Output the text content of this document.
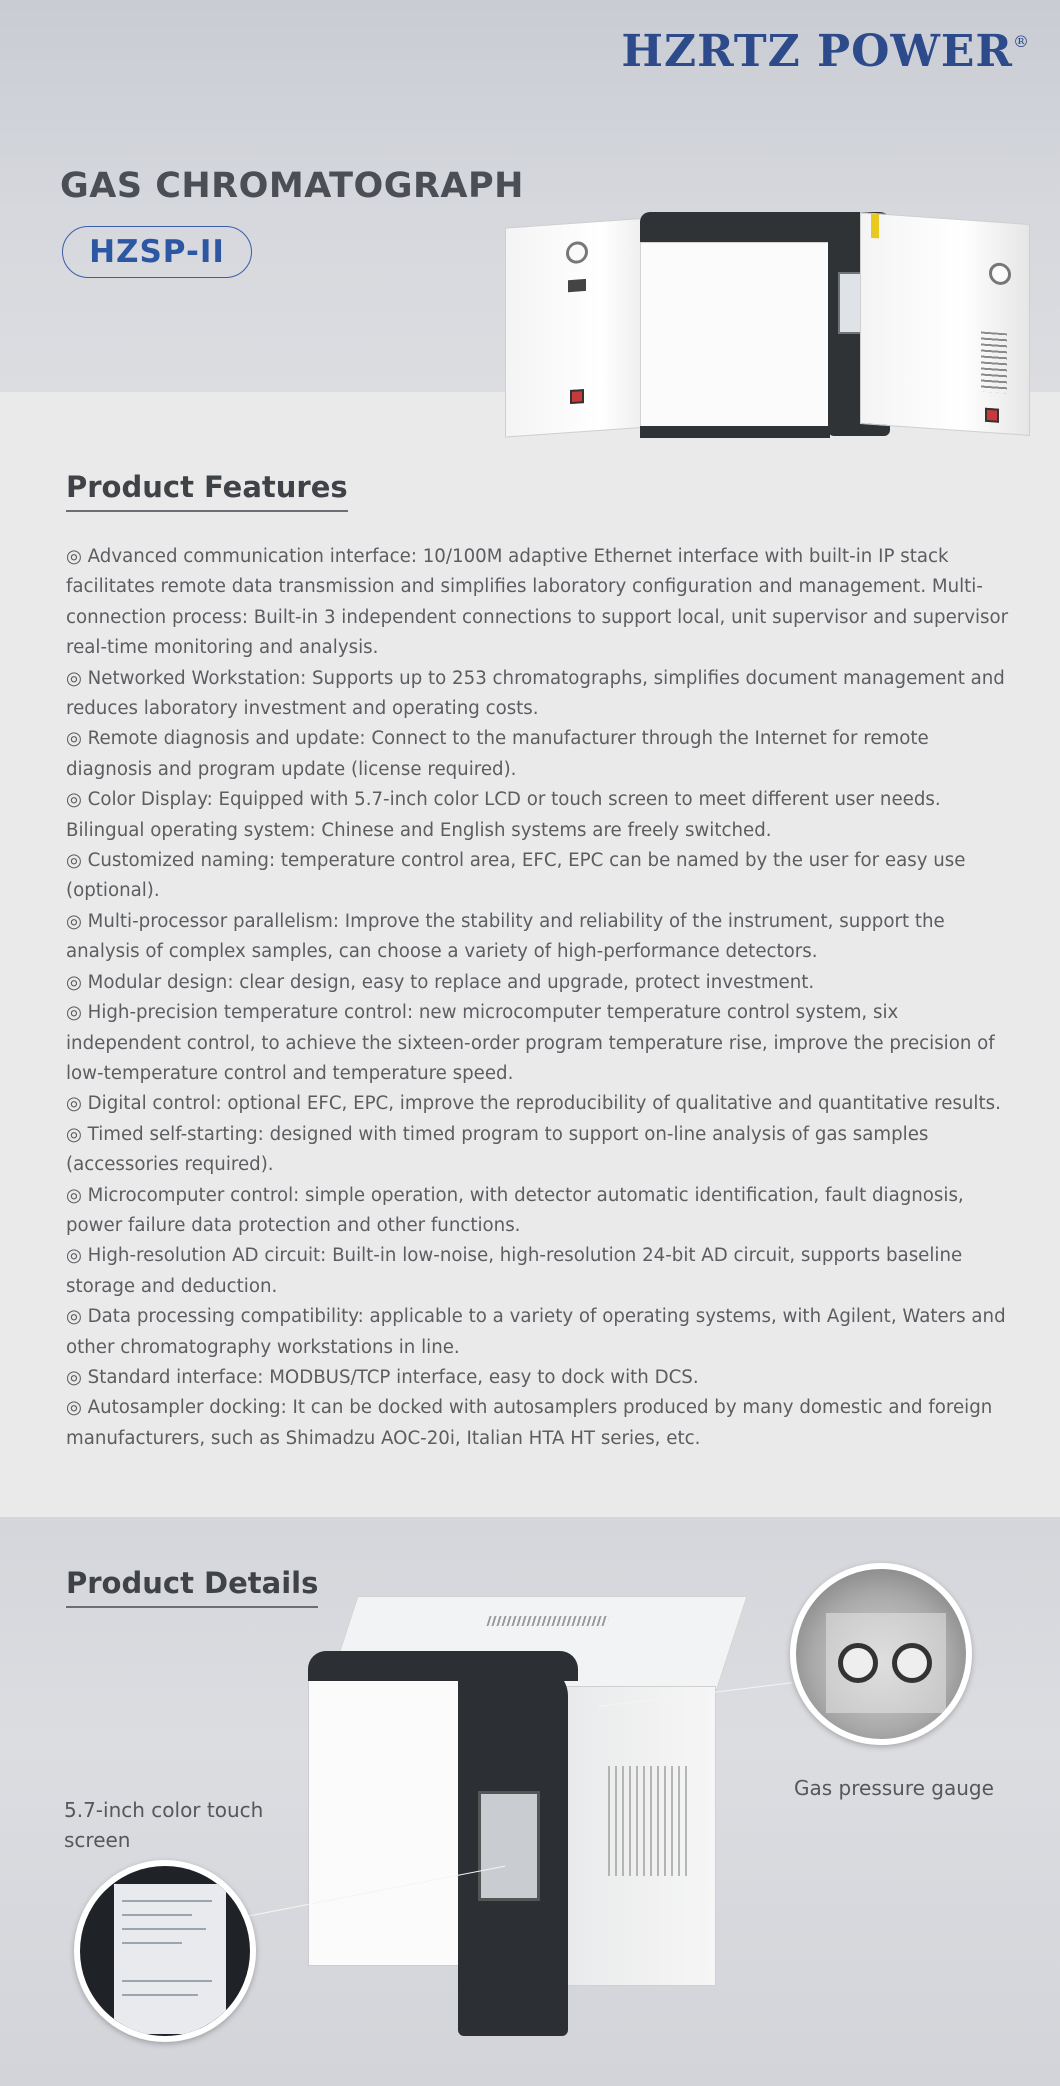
HZRTZ POWER®
GAS CHROMATOGRAPH
HZSP-II
Product Features

◎ Advanced communication interface: 10/100M adaptive Ethernet interface with built-in IP stack facilitates remote data transmission and simplifies laboratory configuration and management. Multi-connection process: Built-in 3 independent connections to support local, unit supervisor and supervisor real-time monitoring and analysis.

◎ Networked Workstation: Supports up to 253 chromatographs, simplifies document management and reduces laboratory investment and operating costs.

◎ Remote diagnosis and update: Connect to the manufacturer through the Internet for remote diagnosis and program update (license required).

◎ Color Display: Equipped with 5.7-inch color LCD or touch screen to meet different user needs. Bilingual operating system: Chinese and English systems are freely switched.

◎ Customized naming: temperature control area, EFC, EPC can be named by the user for easy use (optional).

◎ Multi-processor parallelism: Improve the stability and reliability of the instrument, support the analysis of complex samples, can choose a variety of high-performance detectors.

◎ Modular design: clear design, easy to replace and upgrade, protect investment.

◎ High-precision temperature control: new microcomputer temperature control system, six independent control, to achieve the sixteen-order program temperature rise, improve the precision of low-temperature control and temperature speed.

◎ Digital control: optional EFC, EPC, improve the reproducibility of qualitative and quantitative results.

◎ Timed self-starting: designed with timed program to support on-line analysis of gas samples (accessories required).

◎ Microcomputer control: simple operation, with detector automatic identification, fault diagnosis, power failure data protection and other functions.

◎ High-resolution AD circuit: Built-in low-noise, high-resolution 24-bit AD circuit, supports baseline storage and deduction.

◎ Data processing compatibility: applicable to a variety of operating systems, with Agilent, Waters and other chromatography workstations in line.

◎ Standard interface: MODBUS/TCP interface, easy to dock with DCS.

◎ Autosampler docking: It can be docked with autosamplers produced by many domestic and foreign manufacturers, such as Shimadzu AOC-20i, Italian HTA HT series, etc.

Product Details
Gas pressure gauge
5.7-inch color touch screen
